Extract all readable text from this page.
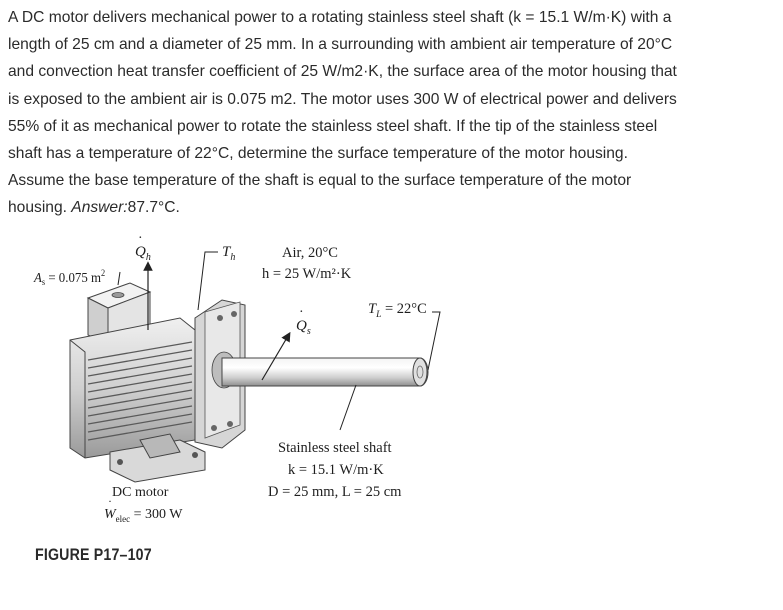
A DC motor delivers mechanical power to a rotating stainless steel shaft (k = 15.1 W/m·K) with a
length of 25 cm and a diameter of 25 mm. In a surrounding with ambient air temperature of 20°C
and convection heat transfer coefficient of 25 W/m2·K, the surface area of the motor housing that
is exposed to the ambient air is 0.075 m2. The motor uses 300 W of electrical power and delivers
55% of it as mechanical power to rotate the stainless steel shaft. If the tip of the stainless steel
shaft has a temperature of 22°C, determine the surface temperature of the motor housing.
Assume the base temperature of the shaft is equal to the surface temperature of the motor
housing. Answer:87.7°C.
$A_s = 0.075$ $m^2$
$Q_h$
·
$T_h$	Air, 20°C
h = 25 W/m²·K
$T_L = 22^\circ C$
$Q_s$
·
Stainless steel shaft
k = 15.1 W/m·K
D = 25 mm, L = 25 cm
DC motor
$W_{elec} = 300$ W
·
FIGURE P17–107
